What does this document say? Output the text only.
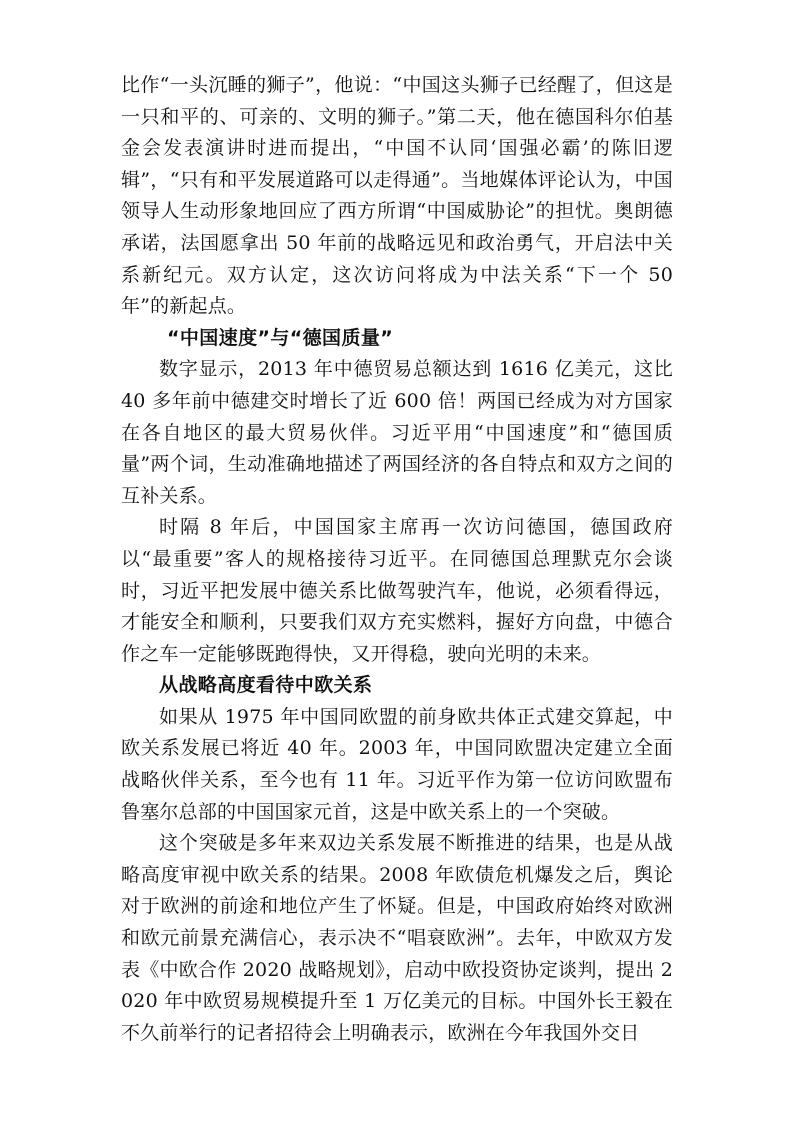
比作“一头沉睡的狮子”，他说：“中国这头狮子已经醒了，但这是一只和平的、可亲的、文明的狮子。”第二天，他在德国科尔伯基金会发表演讲时进而提出，“中国不认同‘国强必霸’的陈旧逻辑”，“只有和平发展道路可以走得通”。当地媒体评论认为，中国领导人生动形象地回应了西方所谓“中国威胁论”的担忧。奥朗德承诺，法国愿拿出 50 年前的战略远见和政治勇气，开启法中关系新纪元。双方认定，这次访问将成为中法关系“下一个 50 年”的新起点。

“中国速度”与“德国质量”

数字显示，2013 年中德贸易总额达到 1616 亿美元，这比 40 多年前中德建交时增长了近 600 倍！两国已经成为对方国家在各自地区的最大贸易伙伴。习近平用“中国速度”和“德国质量”两个词，生动准确地描述了两国经济的各自特点和双方之间的互补关系。

时隔 8 年后，中国国家主席再一次访问德国，德国政府以“最重要”客人的规格接待习近平。在同德国总理默克尔会谈时，习近平把发展中德关系比做驾驶汽车，他说，必须看得远，才能安全和顺利，只要我们双方充实燃料，握好方向盘，中德合作之车一定能够既跑得快，又开得稳，驶向光明的未来。

从战略高度看待中欧关系

如果从 1975 年中国同欧盟的前身欧共体正式建交算起，中欧关系发展已将近 40 年。2003 年，中国同欧盟决定建立全面战略伙伴关系，至今也有 11 年。习近平作为第一位访问欧盟布鲁塞尔总部的中国国家元首，这是中欧关系上的一个突破。

这个突破是多年来双边关系发展不断推进的结果，也是从战略高度审视中欧关系的结果。2008 年欧债危机爆发之后，舆论对于欧洲的前途和地位产生了怀疑。但是，中国政府始终对欧洲和欧元前景充满信心，表示决不“唱衰欧洲”。去年，中欧双方发表《中欧合作 2020 战略规划》，启动中欧投资协定谈判，提出 2020 年中欧贸易规模提升至 1 万亿美元的目标。中国外长王毅在不久前举行的记者招待会上明确表示，欧洲在今年我国外交日
